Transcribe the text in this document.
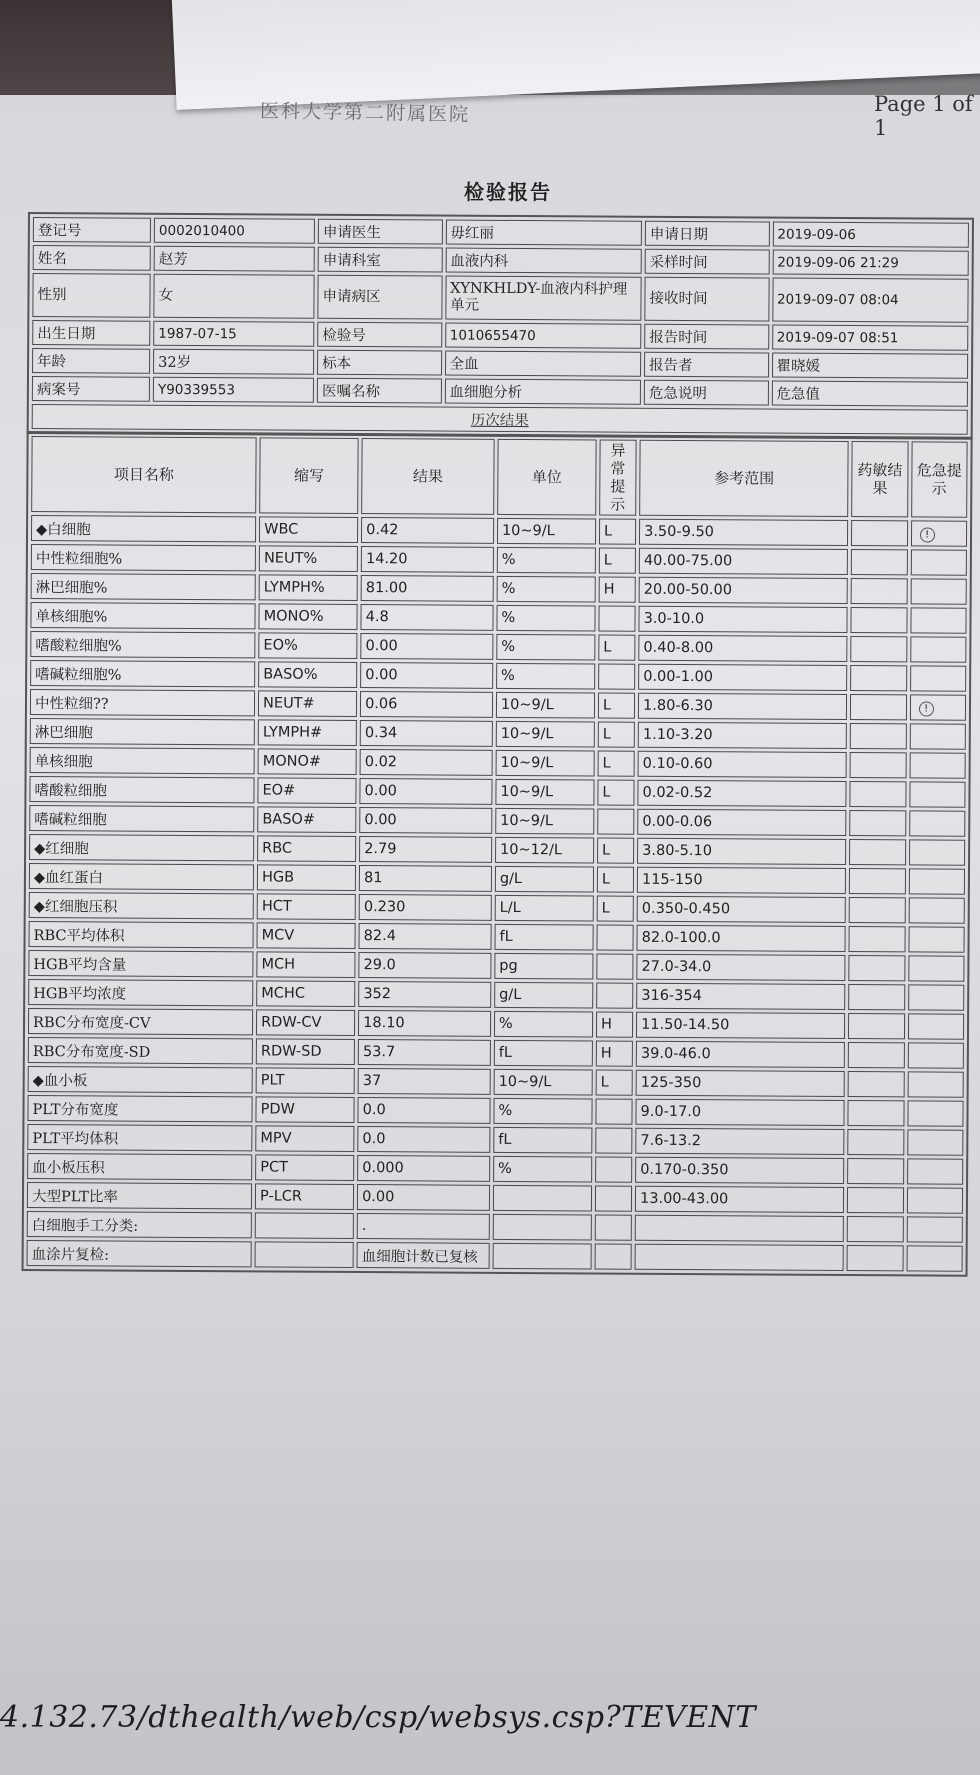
医科大学第二附属医院	Page 1 of 1
检验报告
登记号	0002010400	申请医生	毋红丽	申请日期	2019-09-06
姓名	赵芳	申请科室	血液内科	采样时间	2019-09-06 21:29
性别	女	申请病区	XYNKHLDY-血液内科护理单元	接收时间	2019-09-07 08:04
出生日期	1987-07-15	检验号	1010655470	报告时间	2019-09-07 08:51
年龄	32岁	标本	全血	报告者	瞿晓媛
病案号	Y90339553	医嘱名称	血细胞分析	危急说明	危急值
历次结果					
项目名称	缩写	结果	单位	异常提示	参考范围	药敏结果	危急提示
◆白细胞	WBC	0.42	10~9/L	L	3.50-9.50		!
中性粒细胞%	NEUT%	14.20	%	L	40.00-75.00		
淋巴细胞%	LYMPH%	81.00	%	H	20.00-50.00		
单核细胞%	MONO%	4.8	%		3.0-10.0		
嗜酸粒细胞%	EO%	0.00	%	L	0.40-8.00		
嗜碱粒细胞%	BASO%	0.00	%		0.00-1.00		
中性粒细??	NEUT#	0.06	10~9/L	L	1.80-6.30		!
淋巴细胞	LYMPH#	0.34	10~9/L	L	1.10-3.20		
单核细胞	MONO#	0.02	10~9/L	L	0.10-0.60		
嗜酸粒细胞	EO#	0.00	10~9/L	L	0.02-0.52		
嗜碱粒细胞	BASO#	0.00	10~9/L		0.00-0.06		
◆红细胞	RBC	2.79	10~12/L	L	3.80-5.10		
◆血红蛋白	HGB	81	g/L	L	115-150		
◆红细胞压积	HCT	0.230	L/L	L	0.350-0.450		
RBC平均体积	MCV	82.4	fL		82.0-100.0		
HGB平均含量	MCH	29.0	pg		27.0-34.0		
HGB平均浓度	MCHC	352	g/L		316-354		
RBC分布宽度-CV	RDW-CV	18.10	%	H	11.50-14.50		
RBC分布宽度-SD	RDW-SD	53.7	fL	H	39.0-46.0		
◆血小板	PLT	37	10~9/L	L	125-350		
PLT分布宽度	PDW	0.0	%		9.0-17.0		
PLT平均体积	MPV	0.0	fL		7.6-13.2		
血小板压积	PCT	0.000	%		0.170-0.350		
大型PLT比率	P-LCR	0.00			13.00-43.00		
白细胞手工分类:		.					
血涂片复检:		血细胞计数已复核					
4.132.73/dthealth/web/csp/websys.csp?TEVENT
